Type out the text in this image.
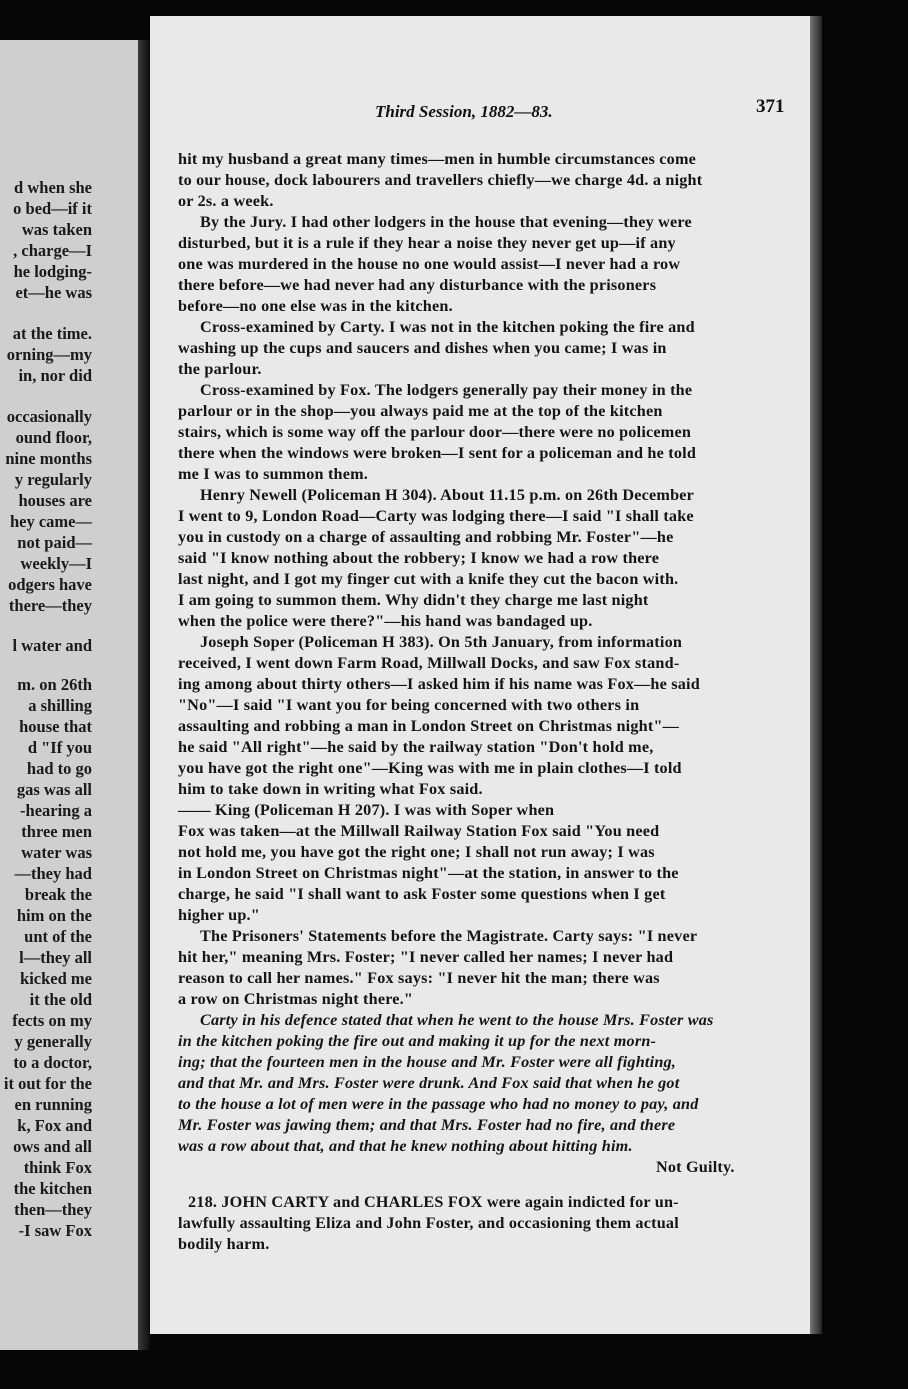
d when she
o bed—if it
was taken
, charge—I
he lodging-
et—he was
at the time.
orning—my
in, nor did
occasionally
ound floor,
nine months
y regularly
houses are
hey came—
not paid—
weekly—I
odgers have
there—they
l water and
m. on 26th
a shilling
house that
d "If you
had to go
gas was all
-hearing a
three men
water was
—they had
break the
him on the
unt of the
l—they all
kicked me
it the old
fects on my
y generally
to a doctor,
it out for the
en running
k, Fox and
ows and all
think Fox
the kitchen
then—they
-I saw Fox
Third Session, 1882—83.	371
hit my husband a great many times—men in humble circumstances come
to our house, dock labourers and travellers chiefly—we charge 4d. a night
or 2s. a week.
By the Jury. I had other lodgers in the house that evening—they were
disturbed, but it is a rule if they hear a noise they never get up—if any
one was murdered in the house no one would assist—I never had a row
there before—we had never had any disturbance with the prisoners
before—no one else was in the kitchen.
Cross-examined by Carty. I was not in the kitchen poking the fire and
washing up the cups and saucers and dishes when you came; I was in
the parlour.
Cross-examined by Fox. The lodgers generally pay their money in the
parlour or in the shop—you always paid me at the top of the kitchen
stairs, which is some way off the parlour door—there were no policemen
there when the windows were broken—I sent for a policeman and he told
me I was to summon them.
Henry Newell (Policeman H 304). About 11.15 p.m. on 26th December
I went to 9, London Road—Carty was lodging there—I said "I shall take
you in custody on a charge of assaulting and robbing Mr. Foster"—he
said "I know nothing about the robbery; I know we had a row there
last night, and I got my finger cut with a knife they cut the bacon with.
I am going to summon them. Why didn't they charge me last night
when the police were there?"—his hand was bandaged up.
Joseph Soper (Policeman H 383). On 5th January, from information
received, I went down Farm Road, Millwall Docks, and saw Fox stand-
ing among about thirty others—I asked him if his name was Fox—he said
"No"—I said "I want you for being concerned with two others in
assaulting and robbing a man in London Street on Christmas night"—
he said "All right"—he said by the railway station "Don't hold me,
you have got the right one"—King was with me in plain clothes—I told
him to take down in writing what Fox said.
—— King (Policeman H 207). I was with Soper when
Fox was taken—at the Millwall Railway Station Fox said "You need
not hold me, you have got the right one; I shall not run away; I was
in London Street on Christmas night"—at the station, in answer to the
charge, he said "I shall want to ask Foster some questions when I get
higher up."
The Prisoners' Statements before the Magistrate. Carty says: "I never
hit her," meaning Mrs. Foster; "I never called her names; I never had
reason to call her names." Fox says: "I never hit the man; there was
a row on Christmas night there."
Carty in his defence stated that when he went to the house Mrs. Foster was
in the kitchen poking the fire out and making it up for the next morn-
ing; that the fourteen men in the house and Mr. Foster were all fighting,
and that Mr. and Mrs. Foster were drunk. And Fox said that when he got
to the house a lot of men were in the passage who had no money to pay, and
Mr. Foster was jawing them; and that Mrs. Foster had no fire, and there
was a row about that, and that he knew nothing about hitting him.
Not Guilty.
218. JOHN CARTY and CHARLES FOX were again indicted for un-
lawfully assaulting Eliza and John Foster, and occasioning them actual
bodily harm.
